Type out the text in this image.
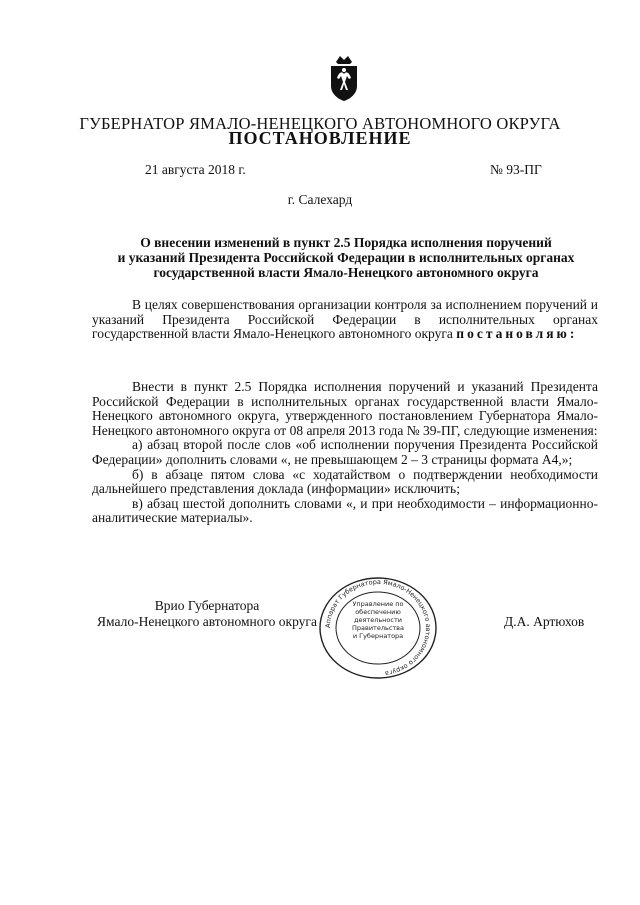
ГУБЕРНАТОР ЯМАЛО-НЕНЕЦКОГО АВТОНОМНОГО ОКРУГА
ПОСТАНОВЛЕНИЕ
21 августа 2018 г.	№ 93-ПГ
г. Салехард
О внесении изменений в пункт 2.5 Порядка исполнения поручений
и указаний Президента Российской Федерации в исполнительных органах
государственной власти Ямало-Ненецкого автономного округа

В целях совершенствования организации контроля за исполнением поручений и указаний Президента Российской Федерации в исполнительных органах государственной власти Ямало-Ненецкого автономного округа постановляю:

Внести в пункт 2.5 Порядка исполнения поручений и указаний Президента Российской Федерации в исполнительных органах государственной власти Ямало-Ненецкого автономного округа, утвержденного постановлением Губернатора Ямало-Ненецкого автономного округа от 08 апреля 2013 года № 39-ПГ, следующие изменения:

а) абзац второй после слов «об исполнении поручения Президента Российской Федерации» дополнить словами «, не превышающем 2 – 3 страницы формата А4,»;

б) в абзаце пятом слова «с ходатайством о подтверждении необходимости дальнейшего представления доклада (информации» исключить;

в) абзац шестой дополнить словами «, и при необходимости – информационно-аналитические материалы».

Врио Губернатора
Ямало-Ненецкого автономного округа	Д.А. Артюхов
Аппарат Губернатора Ямало-Ненецкого автономного округа
Управление по
обеспечению
деятельности
Правительства
и Губернатора
